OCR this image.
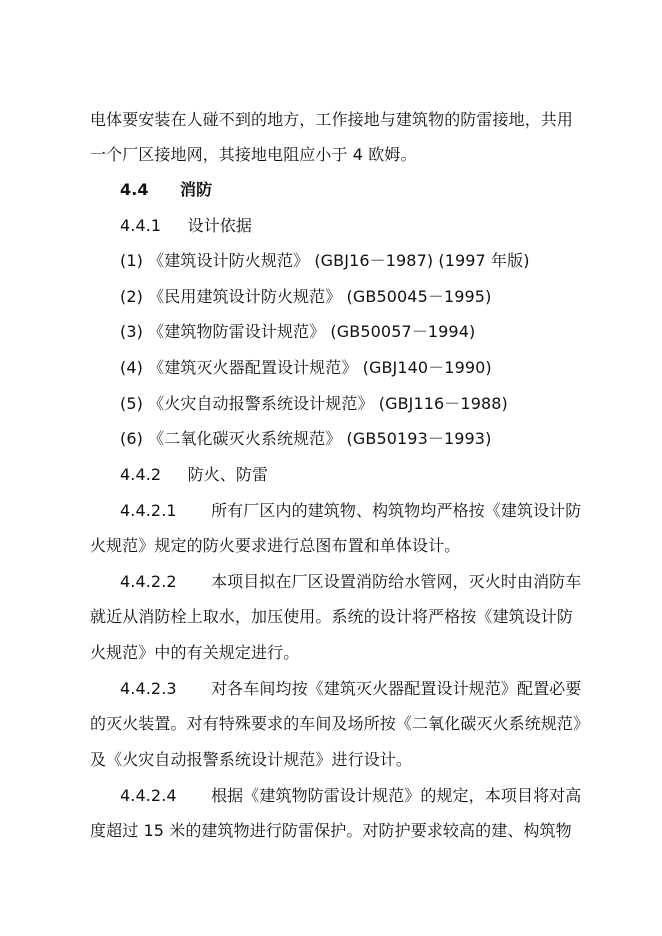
电体要安装在人碰不到的地方，工作接地与建筑物的防雷接地，共用
一个厂区接地网，其接地电阻应小于 4 欧姆。
4.4 消防
4.4.1 设计依据
(1) 《建筑设计防火规范》 (GBJ16－1987) (1997 年版)
(2) 《民用建筑设计防火规范》 (GB50045－1995)
(3) 《建筑物防雷设计规范》 (GB50057－1994)
(4) 《建筑灭火器配置设计规范》 (GBJ140－1990)
(5) 《火灾自动报警系统设计规范》 (GBJ116－1988)
(6) 《二氧化碳灭火系统规范》 (GB50193－1993)
4.4.2 防火、防雷
4.4.2.1 所有厂区内的建筑物、构筑物均严格按《建筑设计防
火规范》规定的防火要求进行总图布置和单体设计。
4.4.2.2 本项目拟在厂区设置消防给水管网，灭火时由消防车
就近从消防栓上取水，加压使用。系统的设计将严格按《建筑设计防
火规范》中的有关规定进行。
4.4.2.3 对各车间均按《建筑灭火器配置设计规范》配置必要
的灭火装置。对有特殊要求的车间及场所按《二氧化碳灭火系统规范》
及《火灾自动报警系统设计规范》进行设计。
4.4.2.4 根据《建筑物防雷设计规范》的规定，本项目将对高
度超过 15 米的建筑物进行防雷保护。对防护要求较高的建、构筑物
